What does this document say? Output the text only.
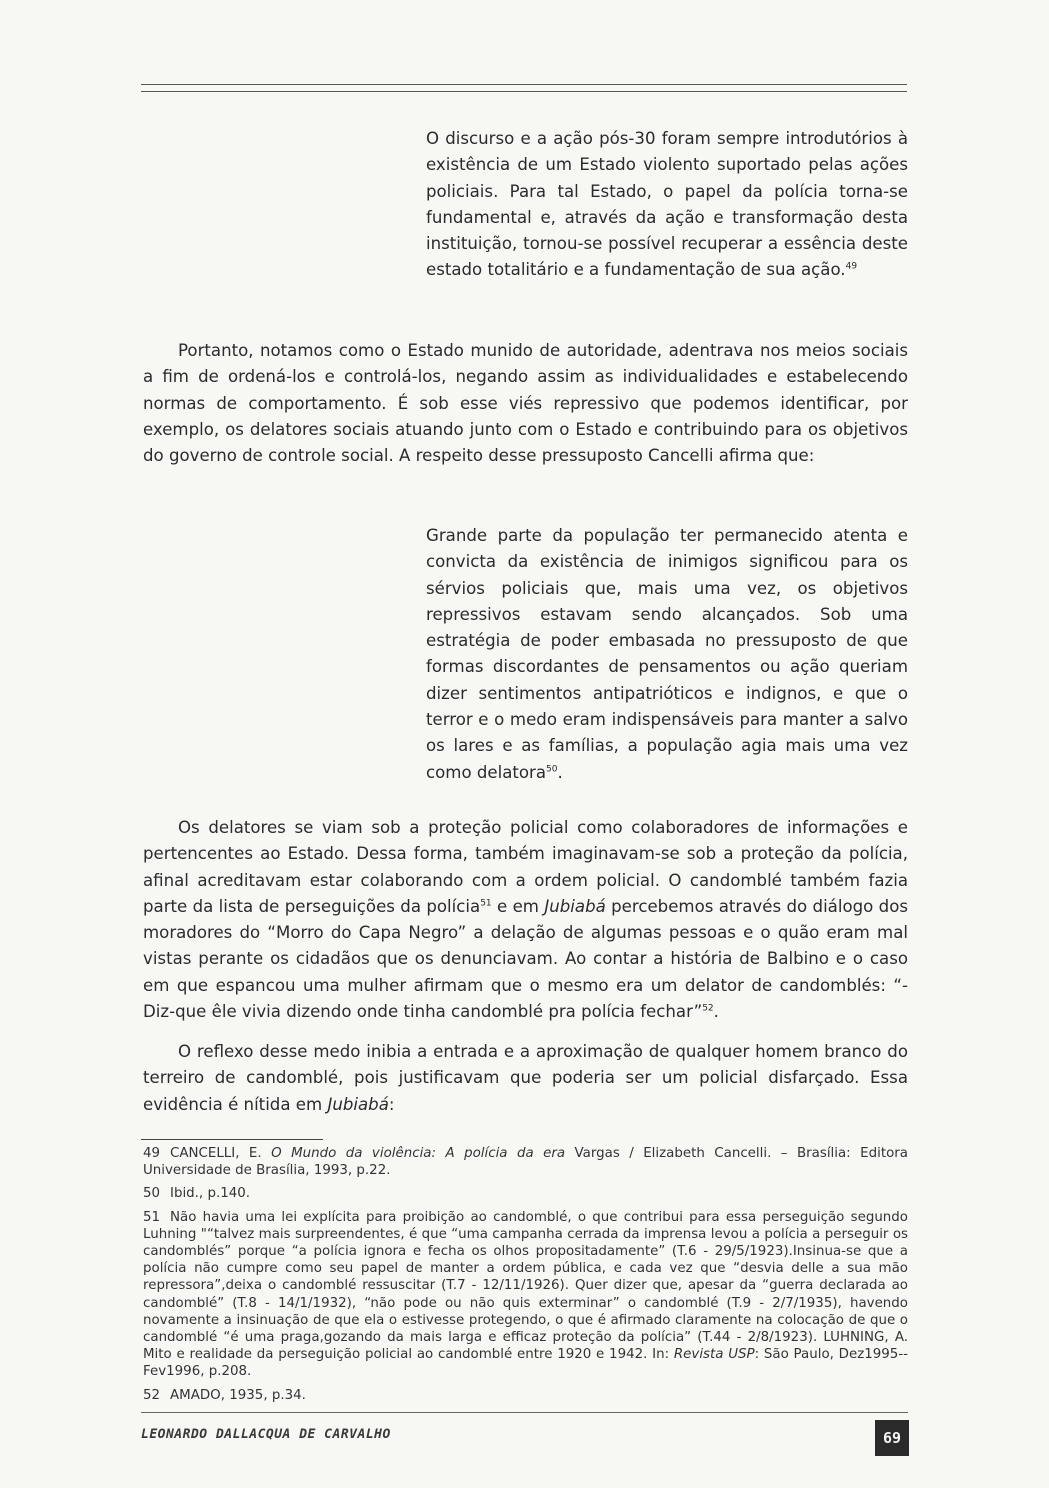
O discurso e a ação pós-30 foram sempre introdutórios à existência de um Estado violento suportado pelas ações policiais. Para tal Estado, o papel da polícia torna-se fundamental e, através da ação e transformação desta instituição, tornou-se possível recuperar a essência deste estado totalitário e a fundamentação de sua ação.$^{49}$

Portanto, notamos como o Estado munido de autoridade, adentrava nos meios sociais a fim de ordená-los e controlá-los, negando assim as individualidades e estabelecendo normas de comportamento. É sob esse viés repressivo que podemos identificar, por exemplo, os delatores sociais atuando junto com o Estado e contribuindo para os objetivos do governo de controle social. A respeito desse pressuposto Cancelli afirma que:

Grande parte da população ter permanecido atenta e convicta da existência de inimigos significou para os sérvios policiais que, mais uma vez, os objetivos repressivos estavam sendo alcançados. Sob uma estratégia de poder embasada no pressuposto de que formas discordantes de pensamentos ou ação queriam dizer sentimentos antipatrióticos e indignos, e que o terror e o medo eram indispensáveis para manter a salvo os lares e as famílias, a população agia mais uma vez como delatora$^{50}$.

Os delatores se viam sob a proteção policial como colaboradores de informações e pertencentes ao Estado. Dessa forma, também imaginavam-se sob a proteção da polícia, afinal acreditavam estar colaborando com a ordem policial. O candomblé também fazia parte da lista de perseguições da polícia$^{51}$ e em Jubiabá percebemos através do diálogo dos moradores do “Morro do Capa Negro” a delação de algumas pessoas e o quão eram mal vistas perante os cidadãos que os denunciavam. Ao contar a história de Balbino e o caso em que espancou uma mulher afirmam que o mesmo era um delator de candomblés: “-Diz-que êle vivia dizendo onde tinha candomblé pra polícia fechar”$^{52}$.

O reflexo desse medo inibia a entrada e a aproximação de qualquer homem branco do terreiro de candomblé, pois justificavam que poderia ser um policial disfarçado. Essa evidência é nítida em Jubiabá:

49 CANCELLI, E. O Mundo da violência: A polícia da era Vargas / Elizabeth Cancelli. – Brasília: Editora Universidade de Brasília, 1993, p.22.

50 Ibid., p.140.

51 Não havia uma lei explícita para proibição ao candomblé, o que contribui para essa perseguição segundo Luhning "“talvez mais surpreendentes, é que “uma campanha cerrada da imprensa levou a polícia a perseguir os candomblés” porque “a polícia ignora e fecha os olhos propositadamente” (T.6 - 29/5/1923).Insinua-se que a polícia não cumpre como seu papel de manter a ordem pública, e cada vez que “desvia delle a sua mão repressora”,deixa o candomblé ressuscitar (T.7 - 12/11/1926). Quer dizer que, apesar da “guerra declarada ao candomblé” (T.8 - 14/1/1932), “não pode ou não quis exterminar” o candomblé (T.9 - 2/7/1935), havendo novamente a insinuação de que ela o estivesse protegendo, o que é afirmado claramente na colocação de que o candomblé “é uma praga,gozando da mais larga e efficaz proteção da polícia” (T.44 - 2/8/1923). LUHNING, A. Mito e realidade da perseguição policial ao candomblé entre 1920 e 1942. In: Revista USP: São Paulo, Dez1995--Fev1996, p.208.

52 AMADO, 1935, p.34.

LEONARDO DALLACQUA DE CARVALHO	69
